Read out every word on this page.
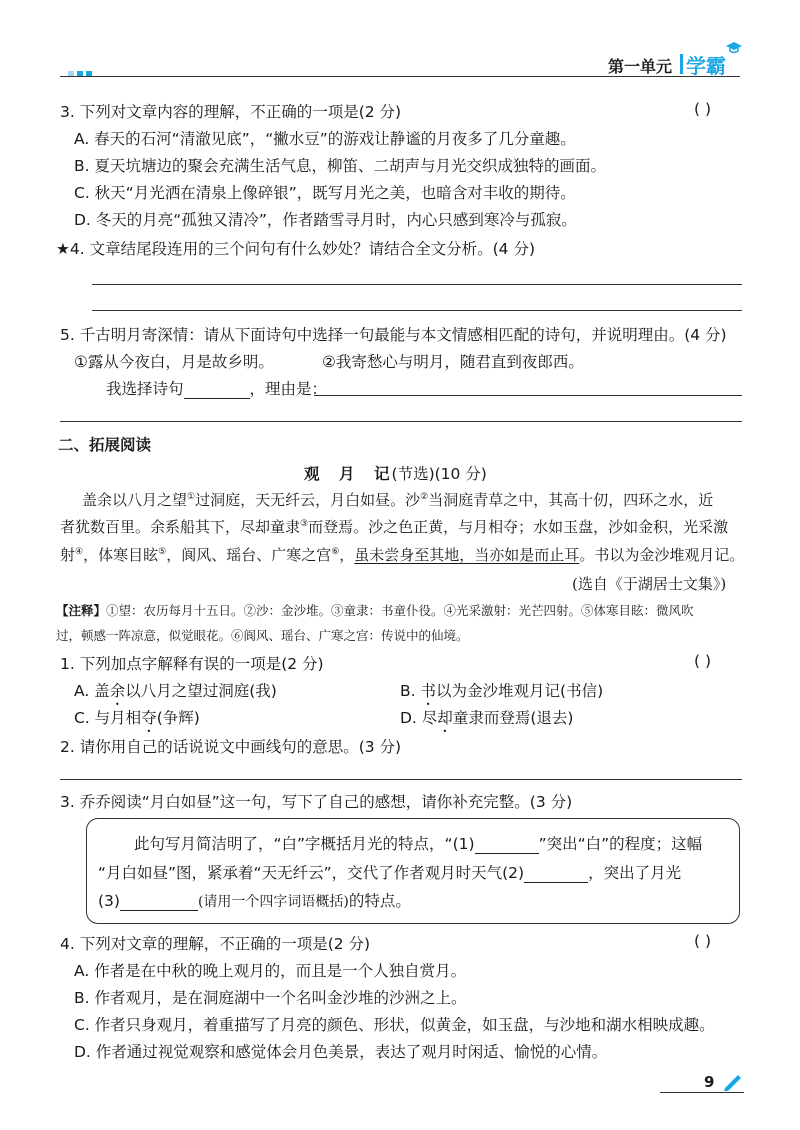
第一单元 学霸
3. 下列对文章内容的理解，不正确的一项是(2 分)	( )
A. 春天的石河“清澈见底”，“撇水豆”的游戏让静谧的月夜多了几分童趣。
B. 夏天坑塘边的聚会充满生活气息，柳笛、二胡声与月光交织成独特的画面。
C. 秋天“月光洒在清泉上像碎银”，既写月光之美，也暗含对丰收的期待。
D. 冬天的月亮“孤独又清冷”，作者踏雪寻月时，内心只感到寒冷与孤寂。
★4. 文章结尾段连用的三个问句有什么妙处？请结合全文分析。(4 分)
5. 千古明月寄深情：请从下面诗句中选择一句最能与本文情感相匹配的诗句，并说明理由。(4 分)
①露从今夜白，月是故乡明。	②我寄愁心与明月，随君直到夜郎西。
我选择诗句	，理由是：
二、拓展阅读
观　月　记(节选)(10 分)
盖余以八月之望①过洞庭，天无纤云，月白如昼。沙②当洞庭青草之中，其高十仞，四环之水，近
者犹数百里。余系船其下，尽却童隶③而登焉。沙之色正黄，与月相夺；水如玉盘，沙如金积，光采激
射④，体寒目眩⑤，阆风、瑶台、广寒之宫⑥，虽未尝身至其地，当亦如是而止耳。书以为金沙堆观月记。
(选自《于湖居士文集》)
【注释】①望：农历每月十五日。②沙：金沙堆。③童隶：书童仆役。④光采激射：光芒四射。⑤体寒目眩：微风吹
过，顿感一阵凉意，似觉眼花。⑥阆风、瑶台、广寒之宫：传说中的仙境。
1. 下列加点字解释有误的一项是(2 分)	( )
A. 盖余以八月之望过洞庭(我)	B. 书以为金沙堆观月记(书信)
C. 与月相夺(争辉)	D. 尽却童隶而登焉(退去)
2. 请你用自己的话说说文中画线句的意思。(3 分)
3. 乔乔阅读“月白如昼”这一句，写下了自己的感想，请你补充完整。(3 分)
此句写月简洁明了，“白”字概括月光的特点，“(1)	”突出“白”的程度；这幅
“月白如昼”图，紧承着“天无纤云”，交代了作者观月时天气(2)	，突出了月光
(3)	(请用一个四字词语概括)的特点。
4. 下列对文章的理解，不正确的一项是(2 分)	( )
A. 作者是在中秋的晚上观月的，而且是一个人独自赏月。
B. 作者观月，是在洞庭湖中一个名叫金沙堆的沙洲之上。
C. 作者只身观月，着重描写了月亮的颜色、形状，似黄金，如玉盘，与沙地和湖水相映成趣。
D. 作者通过视觉观察和感觉体会月色美景，表达了观月时闲适、愉悦的心情。
9
